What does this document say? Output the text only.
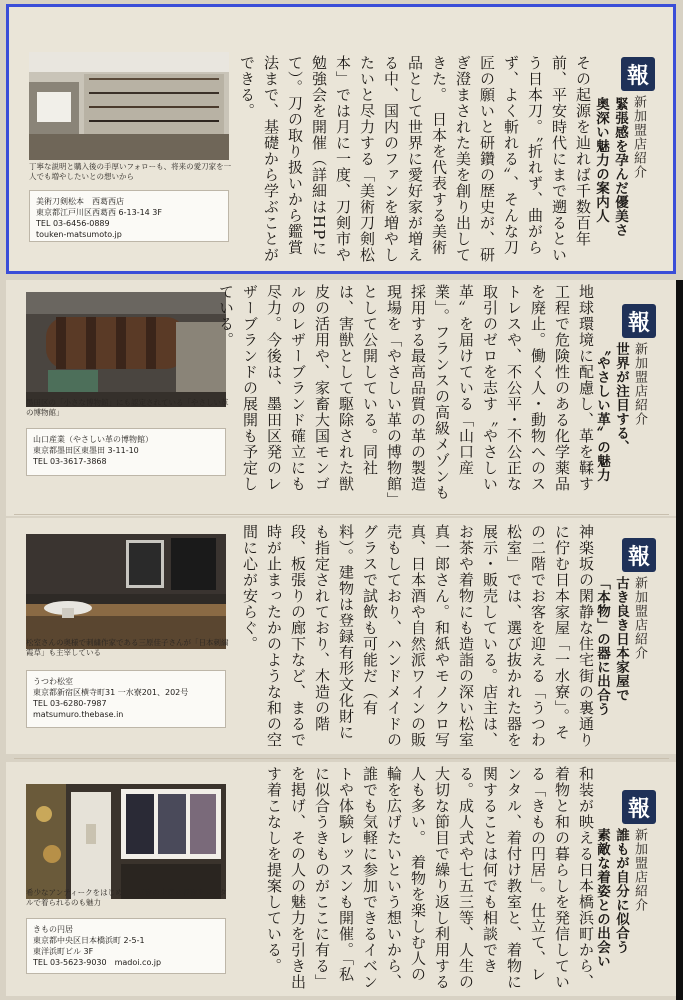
丁寧な説明と購入後の手厚いフォローも、将来の愛刀家を一人でも増やしたいとの想いから
美術刀剣松本　西葛西店
東京都江戸川区西葛西 6-13-14 3F
TEL 03-6456-0889
touken-matsumoto.jp	その起源を辿れば千数百年前、平安時代にまで遡るという日本刀。〝折れず、曲がらず、よく斬れる〟、そんな刀匠の願いと研鑽の歴史が、研ぎ澄まされた美を創り出してきた。　日本を代表する美術品として世界に愛好家が増える中、国内のファンを増やしたいと尽力する「美術刀剣松本」では月に一度、刀剣市や勉強会を開催（詳細はHPにて）。刀の取り扱いから鑑賞法まで、基礎から学ぶことができる。	報
新加盟店紹介
緊張感を孕んだ優美さ
奥深い魅力の案内人
墨田区の「小さな博物館」にも認定されている「やさしい革の博物館」
山口産業（やさしい革の博物館）
東京都墨田区東墨田 3-11-10
TEL 03-3617-3868	地球環境に配慮し、革を鞣す工程で危険性のある化学薬品を廃止。働く人・動物へのストレスや、不公平・不公正な取引のゼロを志す〝やさしい革〟を届けている「山口産業」。フランスの高級メゾンも採用する最高品質の革の製造現場を「やさしい革の博物館」として公開している。同社は、害獣として駆除された獣皮の活用や、家畜大国モンゴルのレザーブランド確立にも尽力。今後は、墨田区発のレザーブランドの展開も予定している。	報
新加盟店紹介
世界が注目する、
〝やさしい革〟の魅力
松室さんの奥様で刺繍作家である三原佳子さんが「日本刺繍 霞草」も主宰している
うつわ松室
東京都新宿区横寺町31 一水寮201、202号
TEL 03-6280-7987
matsumuro.thebase.in	神楽坂の閑静な住宅街の裏通りに佇む日本家屋「一水寮」。その二階でお客を迎える「うつわ松室」では、選び抜かれた器を展示・販売している。店主は、お茶や着物にも造詣の深い松室真一郎さん。和紙やモノクロ写真、日本酒や自然派ワインの販売もしており、ハンドメイドのグラスで試飲も可能だ（有料）。建物は登録有形文化財にも指定されており、木造の階段、板張りの廊下など、まるで時が止まったかのような和の空間に心が安らぐ。	報
新加盟店紹介
古き良き日本家屋で
「本物」の器に出合う
希少なアンティークをはじめ、一点物の上質な着物をレンタルで着られるのも魅力
きもの円居
東京都中央区日本橋浜町 2-5-1
東洋浜町ビル 3F
TEL 03-5623-9030　madoi.co.jp	和装が映える日本橋浜町から、着物と和の暮らしを発信している「きもの円居」。仕立て、レンタル、着付け教室と、着物に関することは何でも相談できる。成人式や七五三等、人生の大切な節目で繰り返し利用する人も多い。　着物を楽しむ人の輪を広げたいという想いから、誰でも気軽に参加できるイベントや体験レッスンも開催。「私に似合うきものがここに有る」を掲げ、その人の魅力を引き出す着こなしを提案している。	報
新加盟店紹介
誰もが自分に似合う
素敵な着姿との出会い
